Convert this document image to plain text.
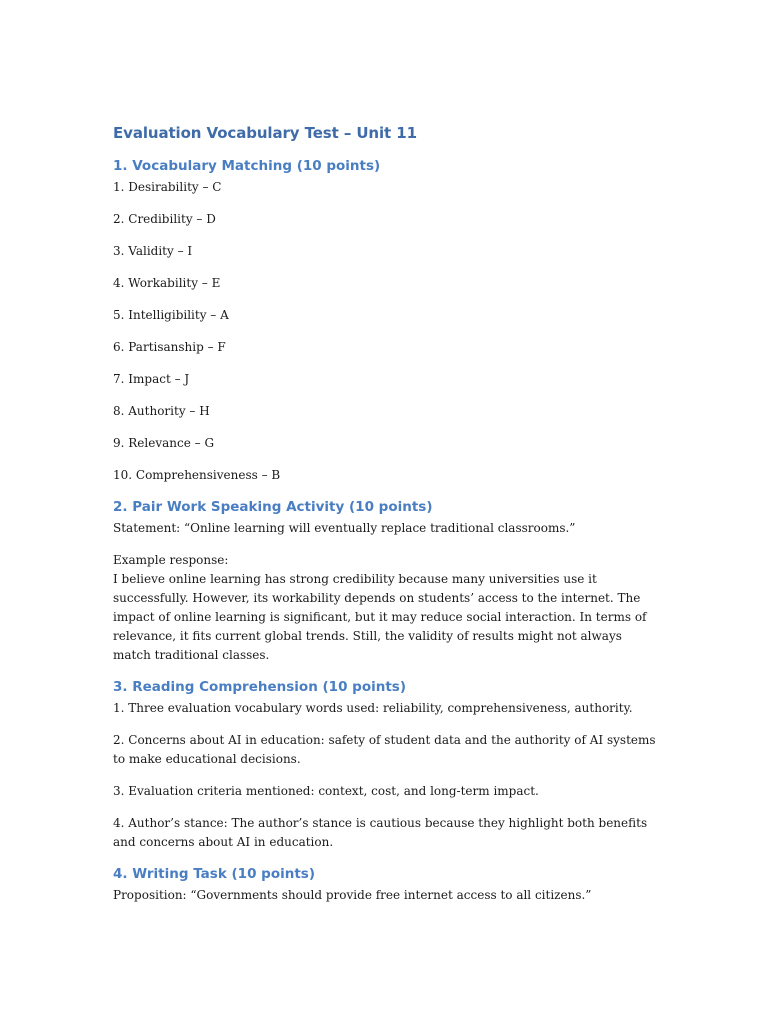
Evaluation Vocabulary Test – Unit 11
1. Vocabulary Matching (10 points)

1. Desirability – C

2. Credibility – D

3. Validity – I

4. Workability – E

5. Intelligibility – A

6. Partisanship – F

7. Impact – J

8. Authority – H

9. Relevance – G

10. Comprehensiveness – B

2. Pair Work Speaking Activity (10 points)

Statement: “Online learning will eventually replace traditional classrooms.”

Example response:

I believe online learning has strong credibility because many universities use it successfully. However, its workability depends on students’ access to the internet. The impact of online learning is significant, but it may reduce social interaction. In terms of relevance, it fits current global trends. Still, the validity of results might not always match traditional classes.

3. Reading Comprehension (10 points)

1. Three evaluation vocabulary words used: reliability, comprehensiveness, authority.

2. Concerns about AI in education: safety of student data and the authority of AI systems to make educational decisions.

3. Evaluation criteria mentioned: context, cost, and long-term impact.

4. Author’s stance: The author’s stance is cautious because they highlight both benefits and concerns about AI in education.

4. Writing Task (10 points)

Proposition: “Governments should provide free internet access to all citizens.”
